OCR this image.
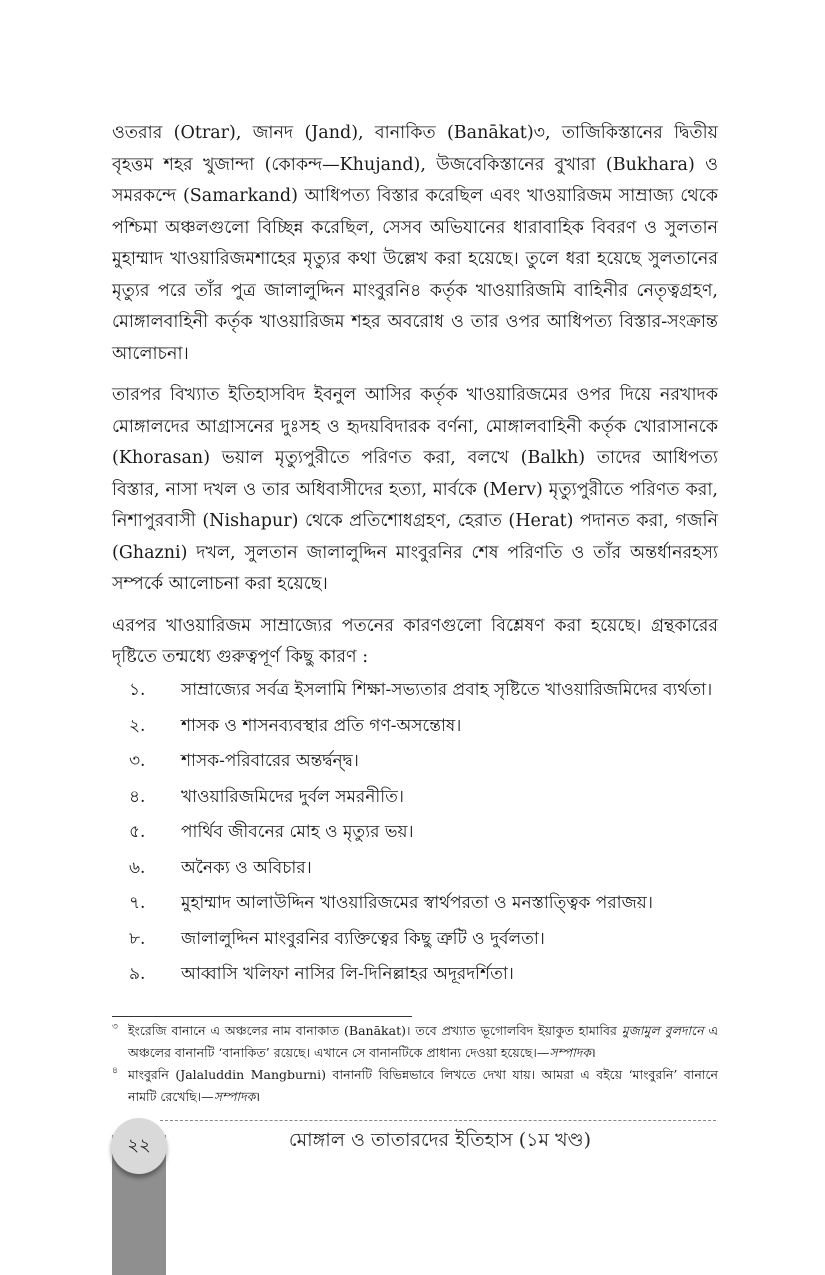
ওতরার (Otrar), জানদ (Jand), বানাকিত (Banākat)৩, তাজিকিস্তানের দ্বিতীয় বৃহত্তম শহর খুজান্দা (কোকন্দ—Khujand), উজবেকিস্তানের বুখারা (Bukhara) ও সমরকন্দে (Samarkand) আধিপত্য বিস্তার করেছিল এবং খাওয়ারিজম সাম্রাজ্য থেকে পশ্চিমা অঞ্চলগুলো বিচ্ছিন্ন করেছিল, সেসব অভিযানের ধারাবাহিক বিবরণ ও সুলতান মুহাম্মাদ খাওয়ারিজমশাহের মৃত্যুর কথা উল্লেখ করা হয়েছে। তুলে ধরা হয়েছে সুলতানের মৃত্যুর পরে তাঁর পুত্র জালালুদ্দিন মাংবুরনি৪ কর্তৃক খাওয়ারিজমি বাহিনীর নেতৃত্বগ্রহণ, মোঙ্গালবাহিনী কর্তৃক খাওয়ারিজম শহর অবরোধ ও তার ওপর আধিপত্য বিস্তার-সংক্রান্ত আলোচনা।

তারপর বিখ্যাত ইতিহাসবিদ ইবনুল আসির কর্তৃক খাওয়ারিজমের ওপর দিয়ে নরখাদক মোঙ্গালদের আগ্রাসনের দুঃসহ ও হৃদয়বিদারক বর্ণনা, মোঙ্গালবাহিনী কর্তৃক খোরাসানকে (Khorasan) ভয়াল মৃত্যুপুরীতে পরিণত করা, বলখে (Balkh) তাদের আধিপত্য বিস্তার, নাসা দখল ও তার অধিবাসীদের হত্যা, মার্বকে (Merv) মৃত্যুপুরীতে পরিণত করা, নিশাপুরবাসী (Nishapur) থেকে প্রতিশোধগ্রহণ, হেরাত (Herat) পদানত করা, গজনি (Ghazni) দখল, সুলতান জালালুদ্দিন মাংবুরনির শেষ পরিণতি ও তাঁর অন্তর্ধানরহস্য সম্পর্কে আলোচনা করা হয়েছে।

এরপর খাওয়ারিজম সাম্রাজ্যের পতনের কারণগুলো বিশ্লেষণ করা হয়েছে। গ্রন্থকারের দৃষ্টিতে তন্মধ্যে গুরুত্বপূর্ণ কিছু কারণ :

১.	সাম্রাজ্যের সর্বত্র ইসলামি শিক্ষা-সভ্যতার প্রবাহ সৃষ্টিতে খাওয়ারিজমিদের ব্যর্থতা।
২.	শাসক ও শাসনব্যবস্থার প্রতি গণ-অসন্তোষ।
৩.	শাসক-পরিবারের অন্তর্দ্বন্দ্ব।
৪.	খাওয়ারিজমিদের দুর্বল সমরনীতি।
৫.	পার্থিব জীবনের মোহ ও মৃত্যুর ভয়।
৬.	অনৈক্য ও অবিচার।
৭.	মুহাম্মাদ আলাউদ্দিন খাওয়ারিজমের স্বার্থপরতা ও মনস্তাত্ত্বিক পরাজয়।
৮.	জালালুদ্দিন মাংবুরনির ব্যক্তিত্বের কিছু ত্রুটি ও দুর্বলতা।
৯.	আব্বাসি খলিফা নাসির লি-দিনিল্লাহর অদূরদর্শিতা।
৩ ইংরেজি বানানে এ অঞ্চলের নাম বানাকাত (Banākat)। তবে প্রখ্যাত ভূগোলবিদ ইয়াকুত হামাবির মুজামুল বুলদানে এ অঞ্চলের বানানটি ‘বানাকিত’ রয়েছে। এখানে সে বানানটিকে প্রাধান্য দেওয়া হয়েছে।—সম্পাদক।
৪ মাংবুরনি (Jalaluddin Mangburni) বানানটি বিভিন্নভাবে লিখতে দেখা যায়। আমরা এ বইয়ে ‘মাংবুরনি’ বানানে নামটি রেখেছি।—সম্পাদক।
২২	মোঙ্গাল ও তাতারদের ইতিহাস (১ম খণ্ড)
